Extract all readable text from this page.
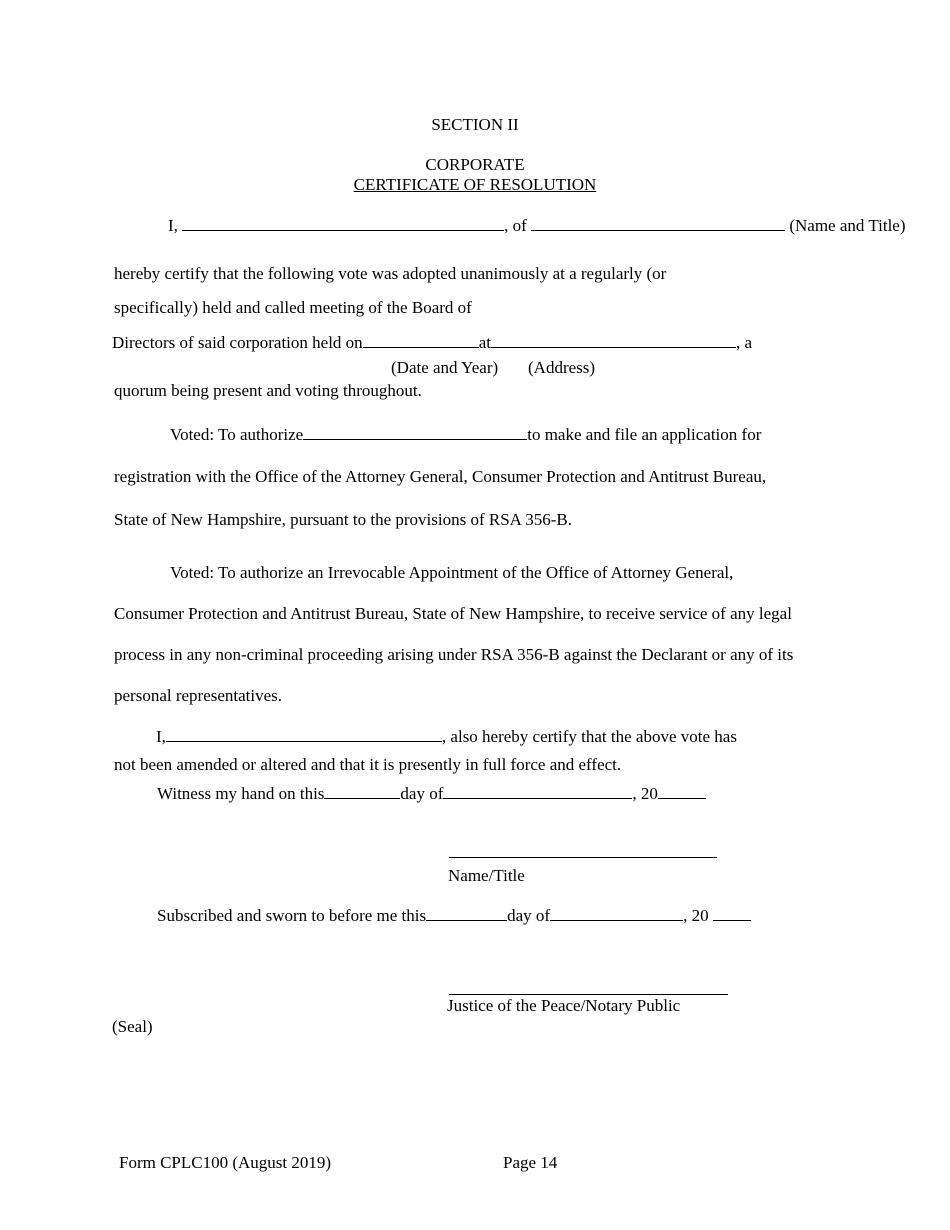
SECTION II
CORPORATE
CERTIFICATE OF RESOLUTION
I,	, of	(Name and Title)
hereby certify that the following vote was adopted unanimously at a regularly (or
specifically) held and called meeting of the Board of
Directors of said corporation held on	at	, a
(Date and Year) (Address)
quorum being present and voting throughout.
Voted: To authorize	to make and file an application for
registration with the Office of the Attorney General, Consumer Protection and Antitrust Bureau,
State of New Hampshire, pursuant to the provisions of RSA 356-B.
Voted: To authorize an Irrevocable Appointment of the Office of Attorney General,
Consumer Protection and Antitrust Bureau, State of New Hampshire, to receive service of any legal
process in any non-criminal proceeding arising under RSA 356-B against the Declarant or any of its
personal representatives.
I,	, also hereby certify that the above vote has
not been amended or altered and that it is presently in full force and effect.
Witness my hand on this	day of	, 20
Name/Title
Subscribed and sworn to before me this	day of	, 20
Justice of the Peace/Notary Public
(Seal)
Form CPLC100 (August 2019)	Page 14
